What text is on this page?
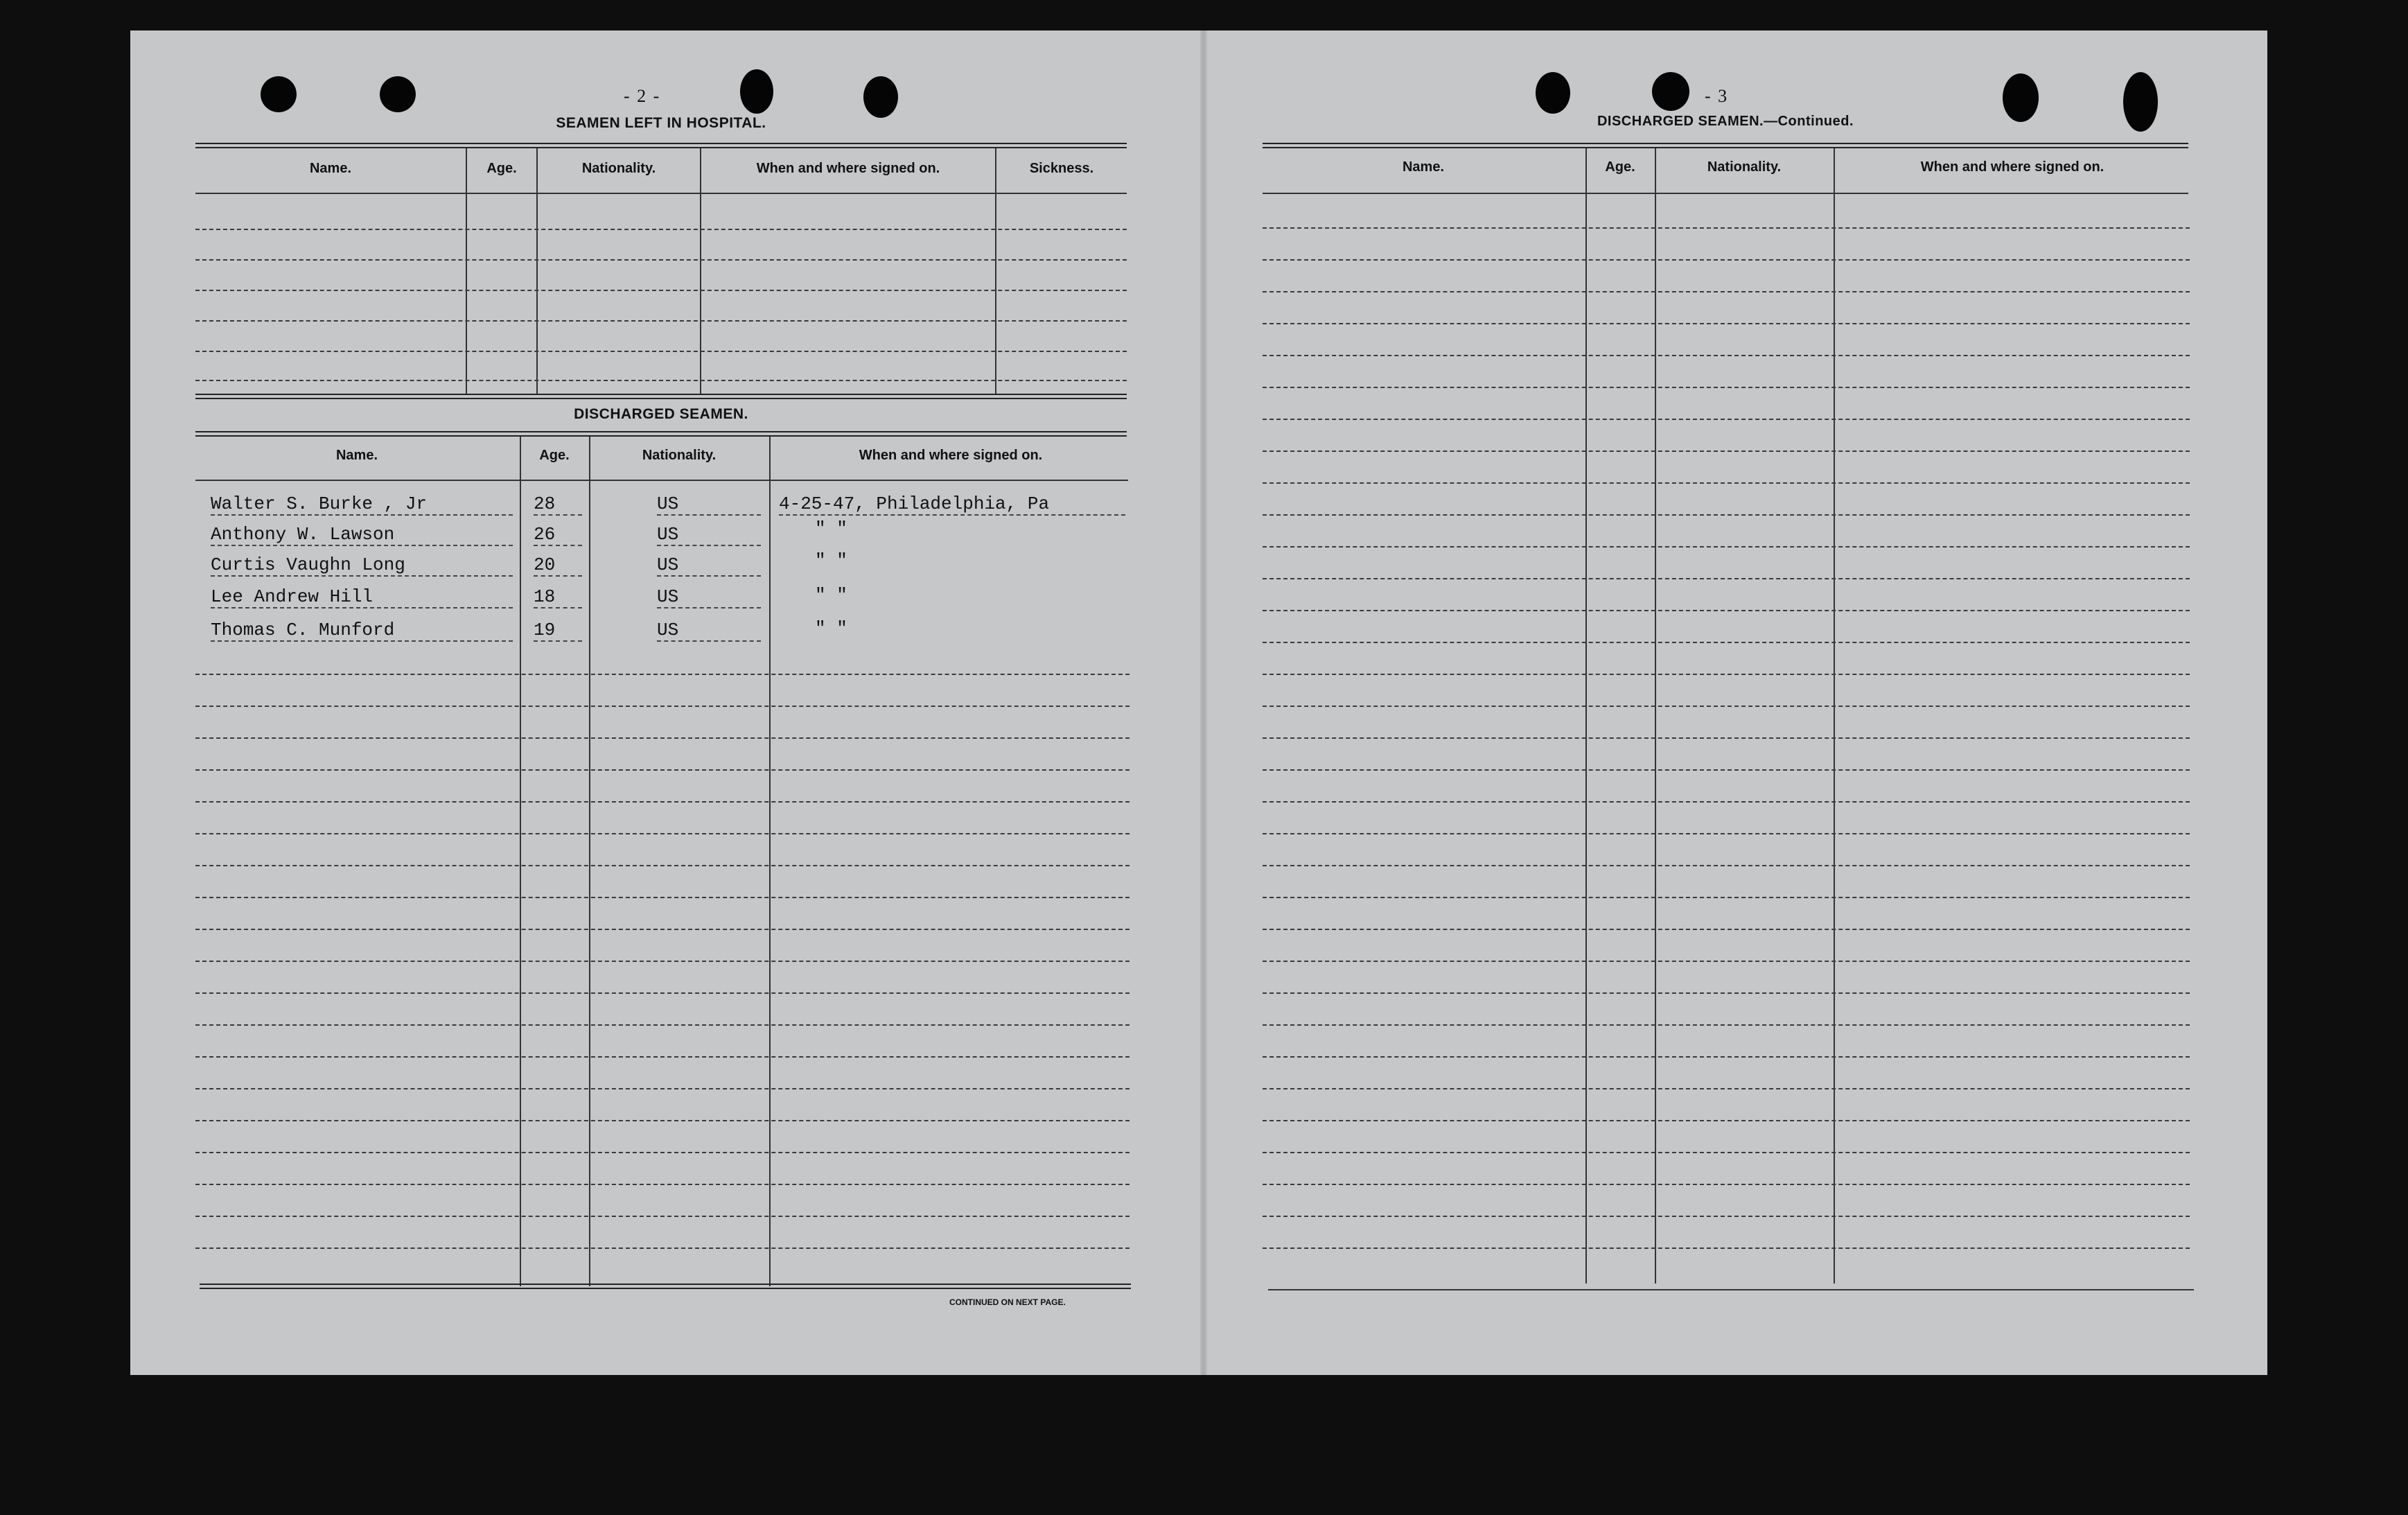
- 2 -
SEAMEN LEFT IN HOSPITAL.
Name.	Age.	Nationality.	When and where signed on.	Sickness.
DISCHARGED SEAMEN.
Name.	Age.	Nationality.	When and where signed on.
Walter S. Burke , Jr	28	US	4-25-47, Philadelphia, Pa
Anthony W. Lawson	26	US	" "
Curtis Vaughn Long	20	US	" "
Lee Andrew Hill	18	US	" "
Thomas C. Munford	19	US	" "
CONTINUED ON NEXT PAGE.
- 3
DISCHARGED SEAMEN.—Continued.
Name.	Age.	Nationality.	When and where signed on.
